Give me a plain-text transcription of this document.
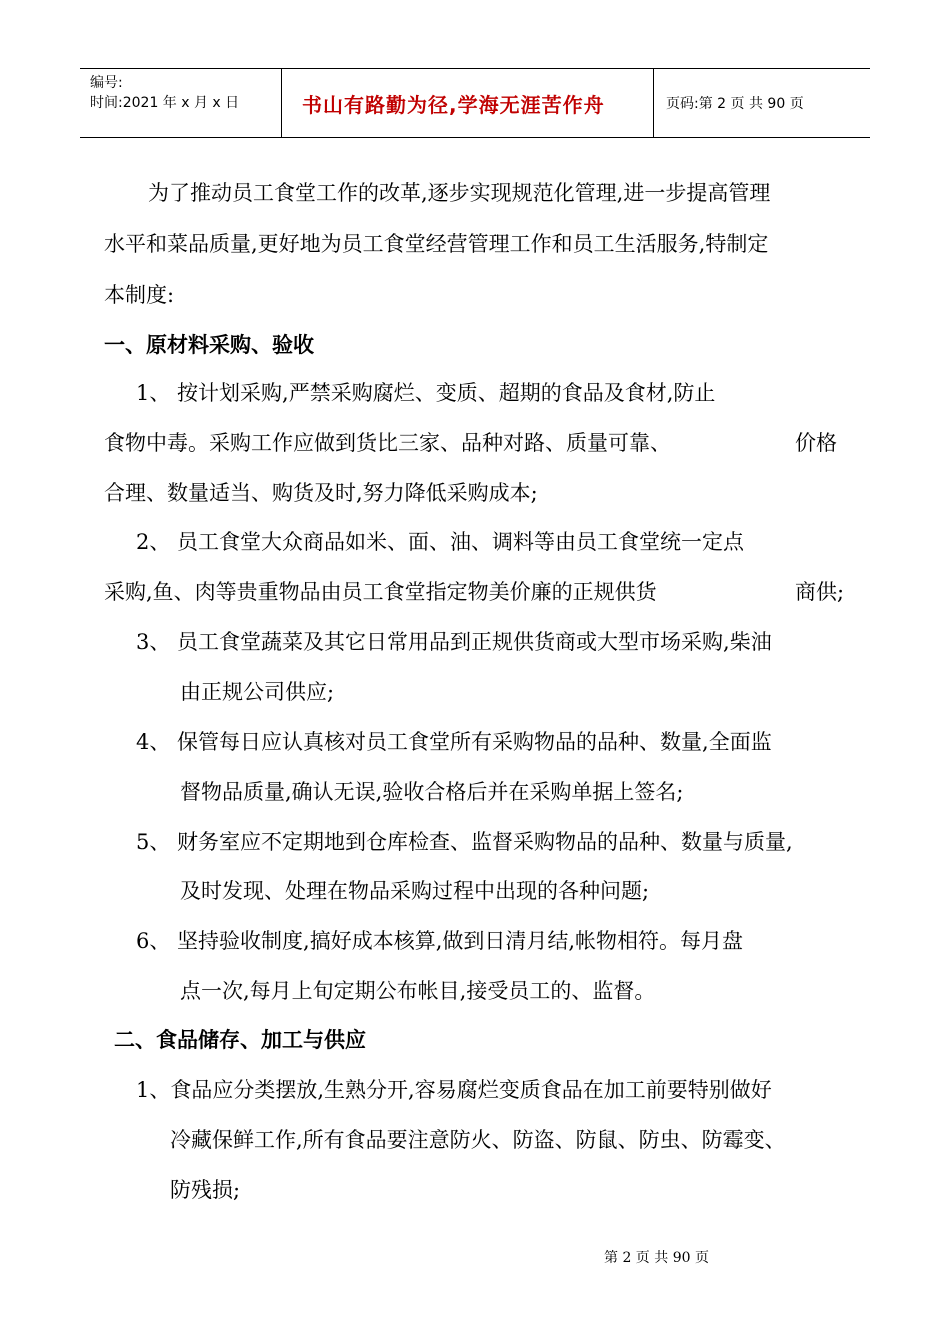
编号:
时间:2021 年 x 月 x 日	书山有路勤为径,学海无涯苦作舟	页码:第 2 页 共 90 页
为了推动员工食堂工作的改革,逐步实现规范化管理,进一步提高管理
水平和菜品质量,更好地为员工食堂经营管理工作和员工生活服务,特制定
本制度:
一、原材料采购、验收
1、 按计划采购,严禁采购腐烂、变质、超期的食品及食材,防止
食物中毒。采购工作应做到货比三家、品种对路、质量可靠、	价格
合理、数量适当、购货及时,努力降低采购成本;
2、 员工食堂大众商品如米、面、油、调料等由员工食堂统一定点
采购,鱼、肉等贵重物品由员工食堂指定物美价廉的正规供货	商供;
3、 员工食堂蔬菜及其它日常用品到正规供货商或大型市场采购,柴油
由正规公司供应;
4、 保管每日应认真核对员工食堂所有采购物品的品种、数量,全面监
督物品质量,确认无误,验收合格后并在采购单据上签名;
5、 财务室应不定期地到仓库检查、监督采购物品的品种、数量与质量,
及时发现、处理在物品采购过程中出现的各种问题;
6、 坚持验收制度,搞好成本核算,做到日清月结,帐物相符。每月盘
点一次,每月上旬定期公布帐目,接受员工的、监督。
二、食品储存、加工与供应
1、食品应分类摆放,生熟分开,容易腐烂变质食品在加工前要特别做好
冷藏保鲜工作,所有食品要注意防火、防盗、防鼠、防虫、防霉变、
防残损;
第 2 页 共 90 页
